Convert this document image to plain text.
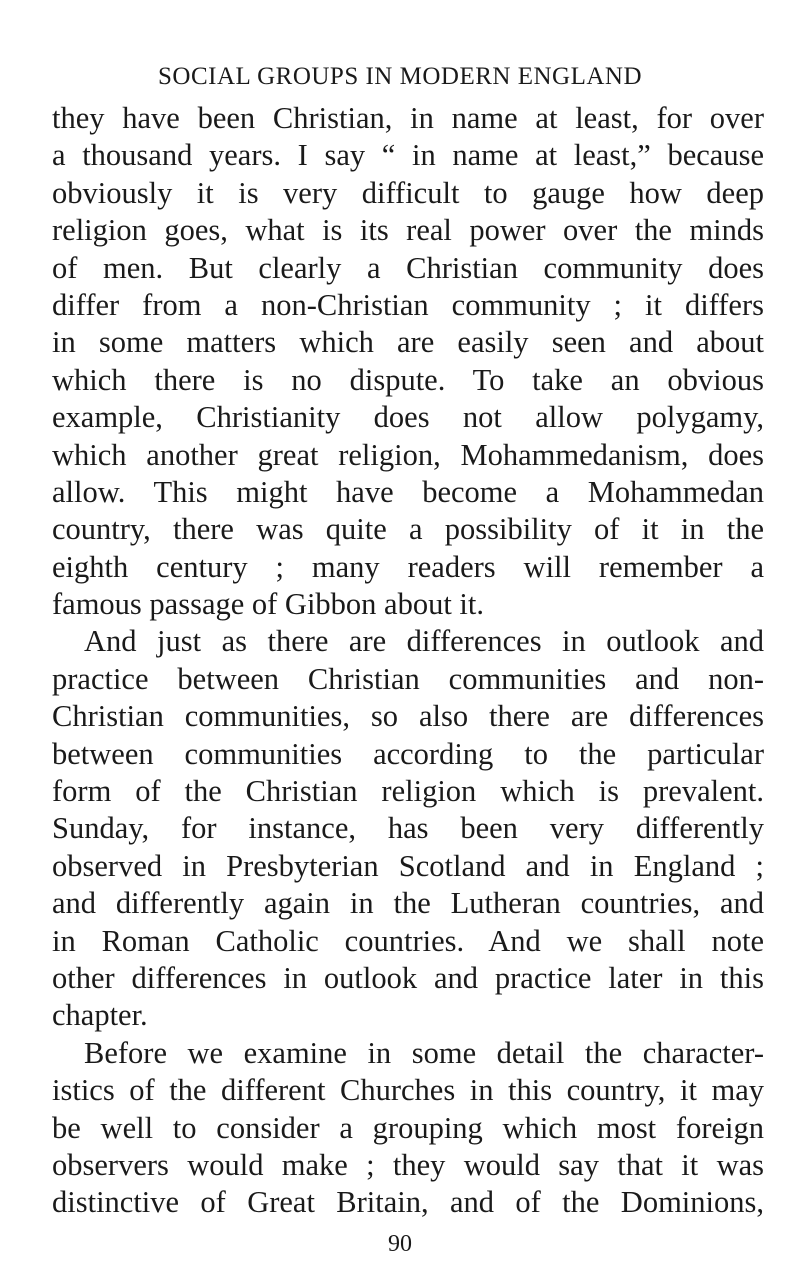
SOCIAL GROUPS IN MODERN ENGLAND
they have been Christian, in name at least, for over
a thousand years. I say “ in name at least,” because
obviously it is very difficult to gauge how deep
religion goes, what is its real power over the minds
of men. But clearly a Christian community does
differ from a non-Christian community ; it differs
in some matters which are easily seen and about
which there is no dispute. To take an obvious
example, Christianity does not allow polygamy,
which another great religion, Mohammedanism, does
allow. This might have become a Mohammedan
country, there was quite a possibility of it in the
eighth century ; many readers will remember a
famous passage of Gibbon about it.
And just as there are differences in outlook and
practice between Christian communities and non-
Christian communities, so also there are differences
between communities according to the particular
form of the Christian religion which is prevalent.
Sunday, for instance, has been very differently
observed in Presbyterian Scotland and in England ;
and differently again in the Lutheran countries, and
in Roman Catholic countries. And we shall note
other differences in outlook and practice later in this
chapter.
Before we examine in some detail the character-
istics of the different Churches in this country, it may
be well to consider a grouping which most foreign
observers would make ; they would say that it was
distinctive of Great Britain, and of the Dominions,
90
